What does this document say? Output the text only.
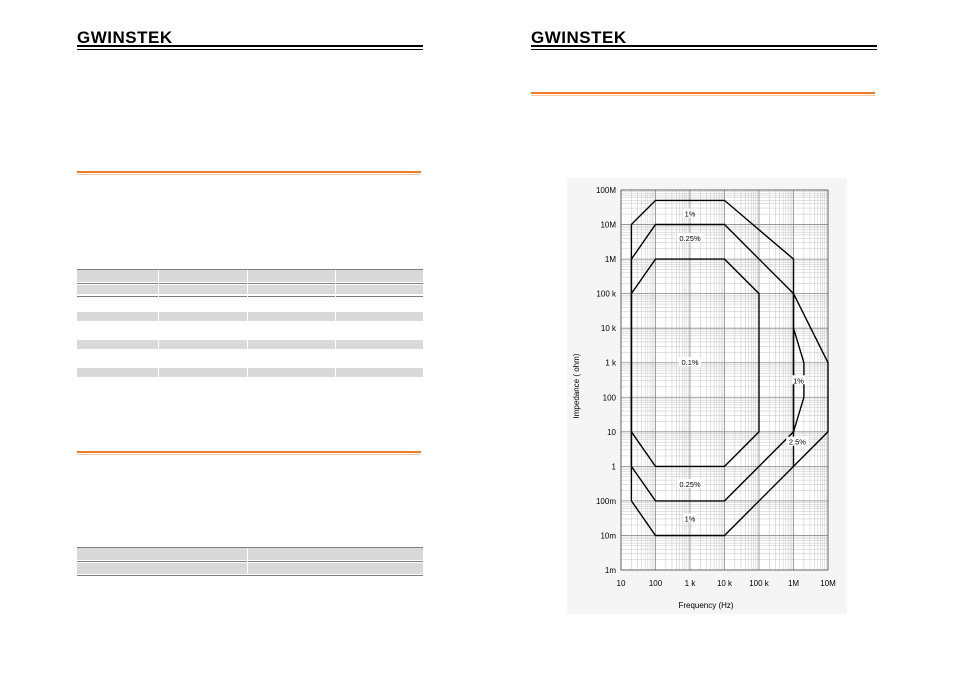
GWINSTEK	GWINSTEK
1%
0.25%
0.1%
0.25%
1%
1%
2.5%
10	100	1 k	10 k 100 k 1M	10M
1m
10m
100m
1
10
100
1 k
10 k
100 k
1M
10M
100M
Frequency (Hz)
Impedance ( ohm)
